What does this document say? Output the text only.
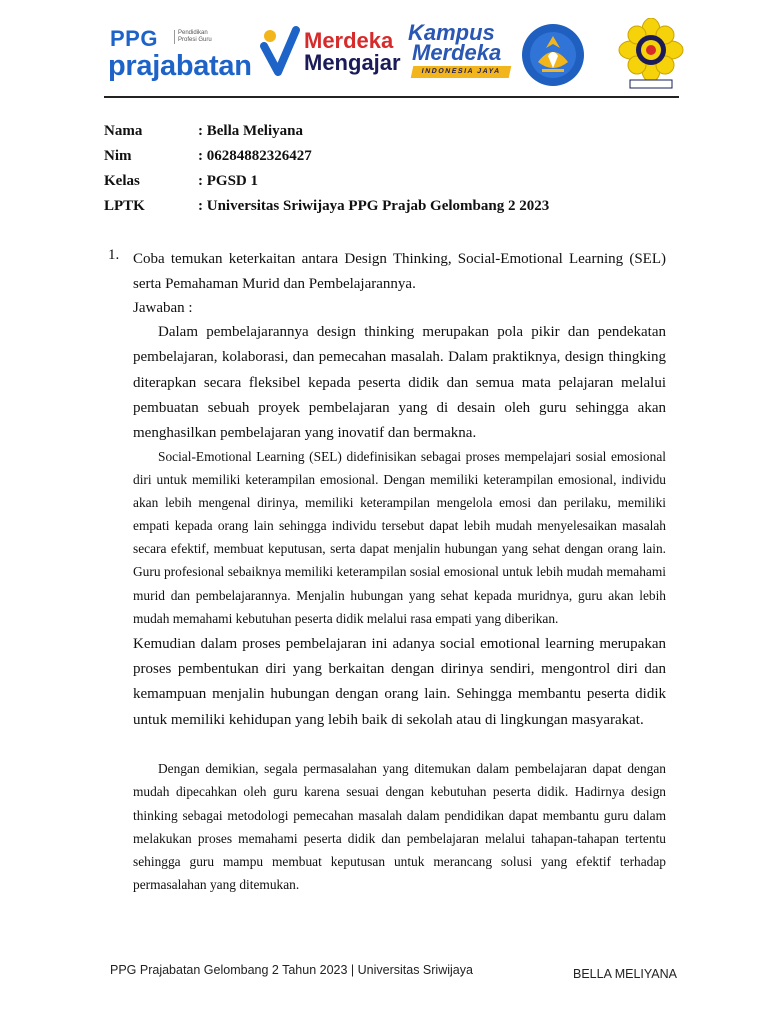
PPG	Pendidikan Profesi Guru
prajabatan
Merdeka
Mengajar
Kampus
Merdeka
INDONESIA JAYA
Nama	: Bella Meliyana
Nim	: 06284882326427
Kelas	: PGSD 1
LPTK	: Universitas Sriwijaya PPG Prajab Gelombang 2 2023
1. Coba temukan keterkaitan antara Design Thinking, Social-Emotional Learning (SEL) serta Pemahaman Murid dan Pembelajarannya.
Jawaban :

Dalam pembelajarannya design thinking merupakan pola pikir dan pendekatan pembelajaran, kolaborasi, dan pemecahan masalah. Dalam praktiknya, design thingking diterapkan secara fleksibel kepada peserta didik dan semua mata pelajaran melalui pembuatan sebuah proyek pembelajaran yang di desain oleh guru sehingga akan menghasilkan pembelajaran yang inovatif dan bermakna.

Social-Emotional Learning (SEL) didefinisikan sebagai proses mempelajari sosial emosional diri untuk memiliki keterampilan emosional. Dengan memiliki keterampilan emosional, individu akan lebih mengenal dirinya, memiliki keterampilan mengelola emosi dan perilaku, memiliki empati kepada orang lain sehingga individu tersebut dapat lebih mudah menyelesaikan masalah secara efektif, membuat keputusan, serta dapat menjalin hubungan yang sehat dengan orang lain. Guru profesional sebaiknya memiliki keterampilan sosial emosional untuk lebih mudah memahami murid dan pembelajarannya. Menjalin hubungan yang sehat kepada muridnya, guru akan lebih mudah memahami kebutuhan peserta didik melalui rasa empati yang diberikan.

Kemudian dalam proses pembelajaran ini adanya social emotional learning merupakan proses pembentukan diri yang berkaitan dengan dirinya sendiri, mengontrol diri dan kemampuan menjalin hubungan dengan orang lain. Sehingga membantu peserta didik untuk memiliki kehidupan yang lebih baik di sekolah atau di lingkungan masyarakat.

Dengan demikian, segala permasalahan yang ditemukan dalam pembelajaran dapat dengan mudah dipecahkan oleh guru karena sesuai dengan kebutuhan peserta didik. Hadirnya design thinking sebagai metodologi pemecahan masalah dalam pendidikan dapat membantu guru dalam melakukan proses memahami peserta didik dan pembelajaran melalui tahapan-tahapan tertentu sehingga guru mampu membuat keputusan untuk merancang solusi yang efektif terhadap permasalahan yang ditemukan.

PPG Prajabatan Gelombang 2 Tahun 2023 | Universitas Sriwijaya	BELLA MELIYANA
